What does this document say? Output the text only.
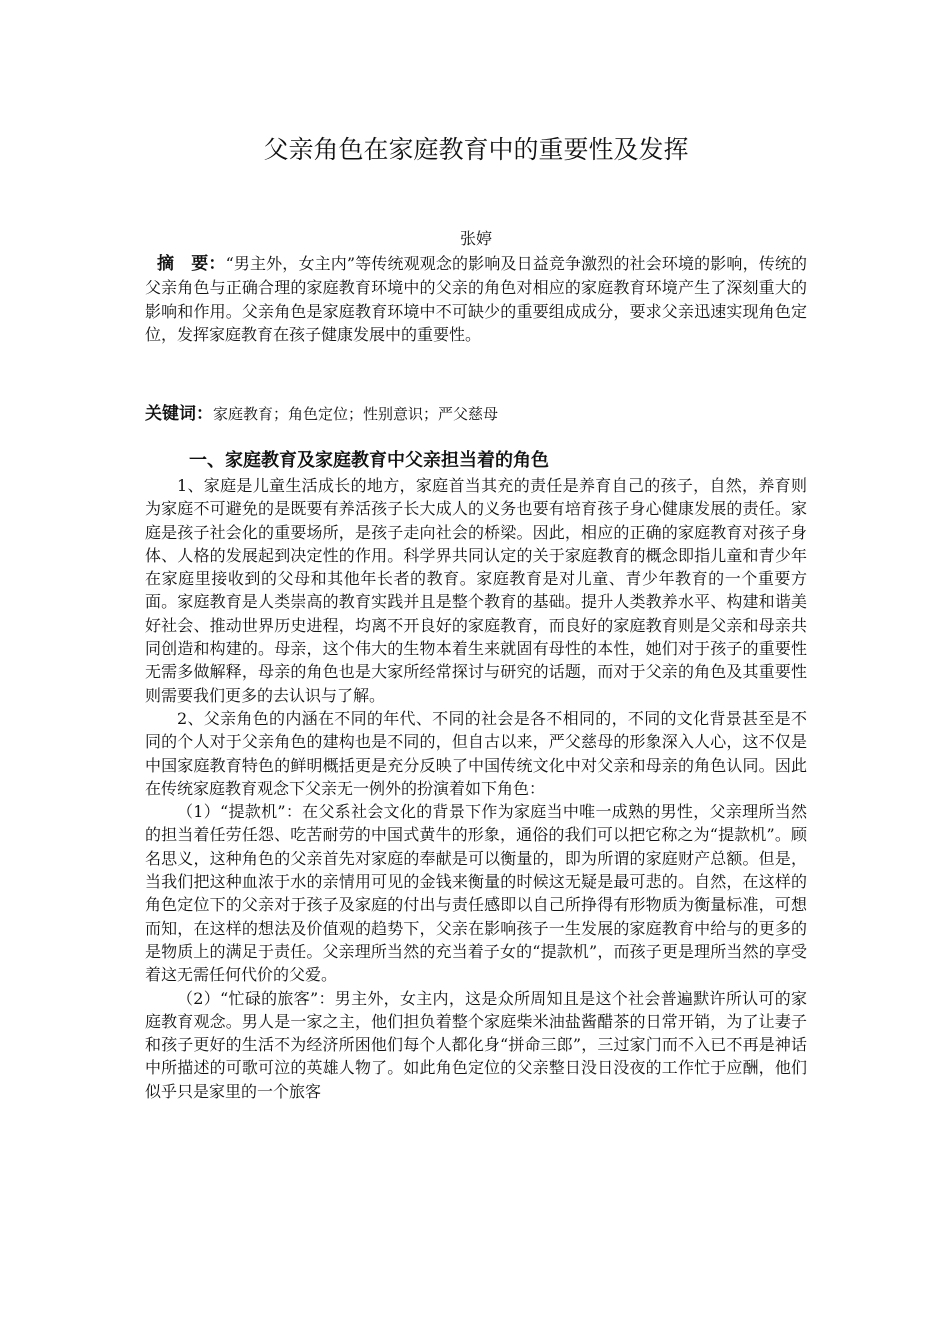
父亲角色在家庭教育中的重要性及发挥
张婷

摘　要：“男主外，女主内”等传统观观念的影响及日益竞争激烈的社会环境的影响，传统的父亲角色与正确合理的家庭教育环境中的父亲的角色对相应的家庭教育环境产生了深刻重大的影响和作用。父亲角色是家庭教育环境中不可缺少的重要组成成分，要求父亲迅速实现角色定位，发挥家庭教育在孩子健康发展中的重要性。

关键词：家庭教育；角色定位；性别意识；严父慈母
一、家庭教育及家庭教育中父亲担当着的角色

1、家庭是儿童生活成长的地方，家庭首当其充的责任是养育自己的孩子，自然，养育则为家庭不可避免的是既要有养活孩子长大成人的义务也要有培育孩子身心健康发展的责任。家庭是孩子社会化的重要场所，是孩子走向社会的桥梁。因此，相应的正确的家庭教育对孩子身体、人格的发展起到决定性的作用。科学界共同认定的关于家庭教育的概念即指儿童和青少年在家庭里接收到的父母和其他年长者的教育。家庭教育是对儿童、青少年教育的一个重要方面。家庭教育是人类崇高的教育实践并且是整个教育的基础。提升人类教养水平、构建和谐美好社会、推动世界历史进程，均离不开良好的家庭教育，而良好的家庭教育则是父亲和母亲共同创造和构建的。母亲，这个伟大的生物本着生来就固有母性的本性，她们对于孩子的重要性无需多做解释，母亲的角色也是大家所经常探讨与研究的话题，而对于父亲的角色及其重要性则需要我们更多的去认识与了解。

2、父亲角色的内涵在不同的年代、不同的社会是各不相同的，不同的文化背景甚至是不同的个人对于父亲角色的建构也是不同的，但自古以来，严父慈母的形象深入人心，这不仅是中国家庭教育特色的鲜明概括更是充分反映了中国传统文化中对父亲和母亲的角色认同。因此在传统家庭教育观念下父亲无一例外的扮演着如下角色：

（1）“提款机”：在父系社会文化的背景下作为家庭当中唯一成熟的男性，父亲理所当然的担当着任劳任怨、吃苦耐劳的中国式黄牛的形象，通俗的我们可以把它称之为“提款机”。顾名思义，这种角色的父亲首先对家庭的奉献是可以衡量的，即为所谓的家庭财产总额。但是，当我们把这种血浓于水的亲情用可见的金钱来衡量的时候这无疑是最可悲的。自然，在这样的角色定位下的父亲对于孩子及家庭的付出与责任感即以自己所挣得有形物质为衡量标准，可想而知，在这样的想法及价值观的趋势下，父亲在影响孩子一生发展的家庭教育中给与的更多的是物质上的满足于责任。父亲理所当然的充当着子女的“提款机”，而孩子更是理所当然的享受着这无需任何代价的父爱。

（2）“忙碌的旅客”：男主外，女主内，这是众所周知且是这个社会普遍默许所认可的家庭教育观念。男人是一家之主，他们担负着整个家庭柴米油盐酱醋茶的日常开销，为了让妻子和孩子更好的生活不为经济所困他们每个人都化身“拼命三郎”，三过家门而不入已不再是神话中所描述的可歌可泣的英雄人物了。如此角色定位的父亲整日没日没夜的工作忙于应酬，他们似乎只是家里的一个旅客
